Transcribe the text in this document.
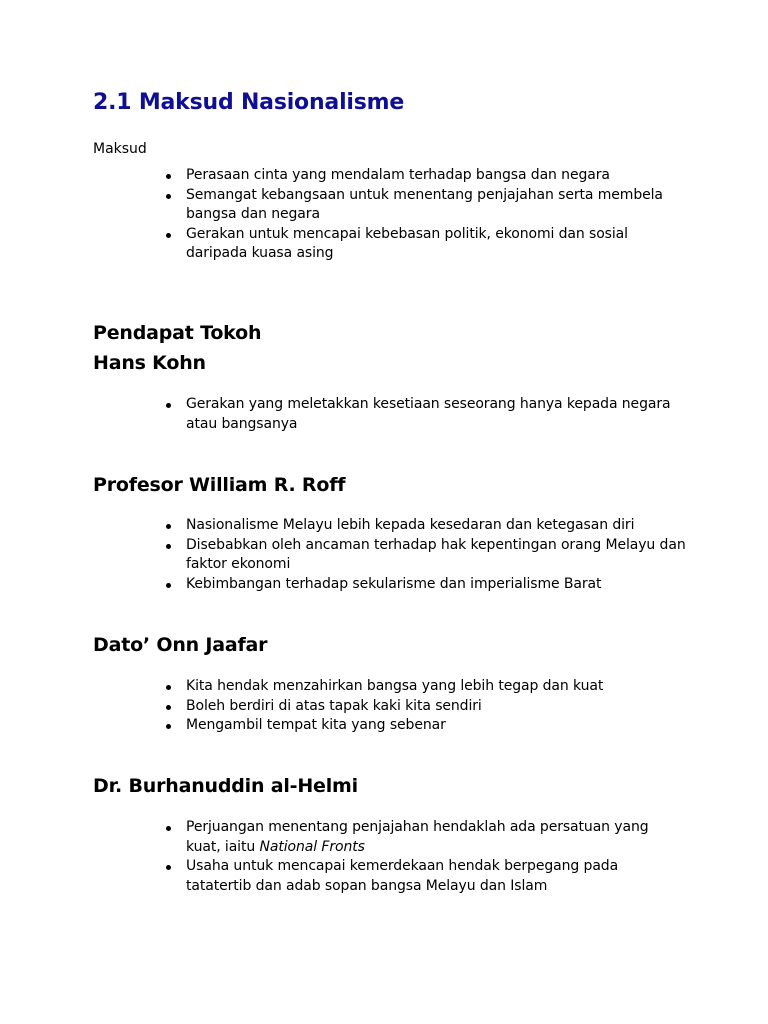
2.1 Maksud Nasionalisme
Maksud
Perasaan cinta yang mendalam terhadap bangsa dan negara
Semangat kebangsaan untuk menentang penjajahan serta membela bangsa dan negara
Gerakan untuk mencapai kebebasan politik, ekonomi dan sosial daripada kuasa asing
Pendapat Tokoh
Hans Kohn
Gerakan yang meletakkan kesetiaan seseorang hanya kepada negara atau bangsanya
Profesor William R. Roff
Nasionalisme Melayu lebih kepada kesedaran dan ketegasan diri
Disebabkan oleh ancaman terhadap hak kepentingan orang Melayu dan faktor ekonomi
Kebimbangan terhadap sekularisme dan imperialisme Barat
Dato’ Onn Jaafar
Kita hendak menzahirkan bangsa yang lebih tegap dan kuat
Boleh berdiri di atas tapak kaki kita sendiri
Mengambil tempat kita yang sebenar
Dr. Burhanuddin al-Helmi
Perjuangan menentang penjajahan hendaklah ada persatuan yang kuat, iaitu National Fronts
Usaha untuk mencapai kemerdekaan hendak berpegang pada tatatertib dan adab sopan bangsa Melayu dan Islam
